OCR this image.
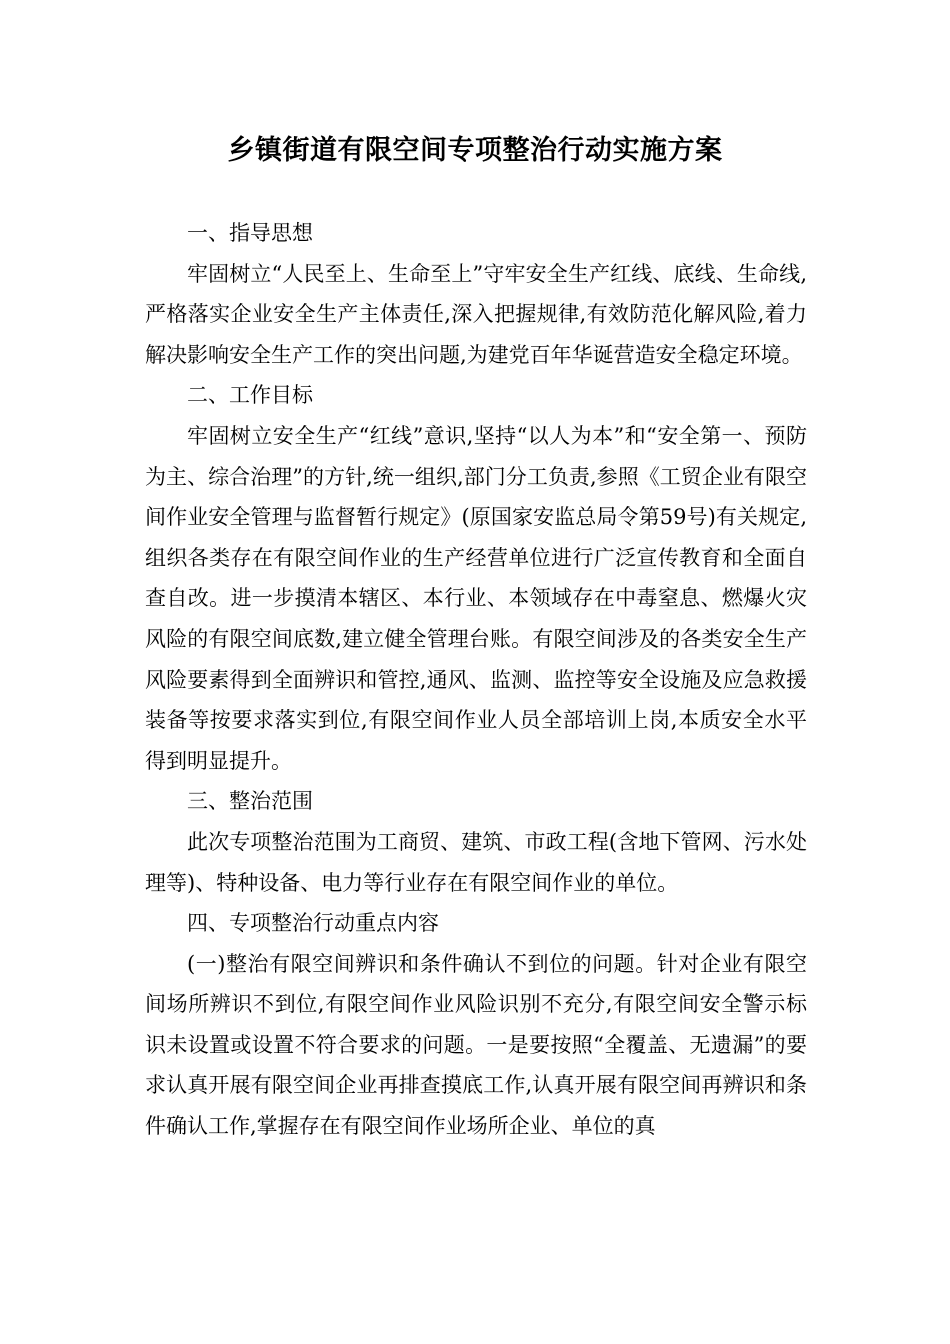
乡镇街道有限空间专项整治行动实施方案

一、指导思想

牢固树立“人民至上、生命至上”守牢安全生产红线、底线、生命线,严格落实企业安全生产主体责任,深入把握规律,有效防范化解风险,着力解决影响安全生产工作的突出问题,为建党百年华诞营造安全稳定环境。

二、工作目标

牢固树立安全生产“红线”意识,坚持“以人为本”和“安全第一、预防为主、综合治理”的方针,统一组织,部门分工负责,参照《工贸企业有限空间作业安全管理与监督暂行规定》(原国家安监总局令第59号)有关规定,组织各类存在有限空间作业的生产经营单位进行广泛宣传教育和全面自查自改。进一步摸清本辖区、本行业、本领域存在中毒窒息、燃爆火灾风险的有限空间底数,建立健全管理台账。有限空间涉及的各类安全生产风险要素得到全面辨识和管控,通风、监测、监控等安全设施及应急救援装备等按要求落实到位,有限空间作业人员全部培训上岗,本质安全水平得到明显提升。

三、整治范围

此次专项整治范围为工商贸、建筑、市政工程(含地下管网、污水处理等)、特种设备、电力等行业存在有限空间作业的单位。

四、专项整治行动重点内容

(一)整治有限空间辨识和条件确认不到位的问题。针对企业有限空间场所辨识不到位,有限空间作业风险识别不充分,有限空间安全警示标识未设置或设置不符合要求的问题。一是要按照“全覆盖、无遗漏”的要求认真开展有限空间企业再排查摸底工作,认真开展有限空间再辨识和条件确认工作,掌握存在有限空间作业场所企业、单位的真
